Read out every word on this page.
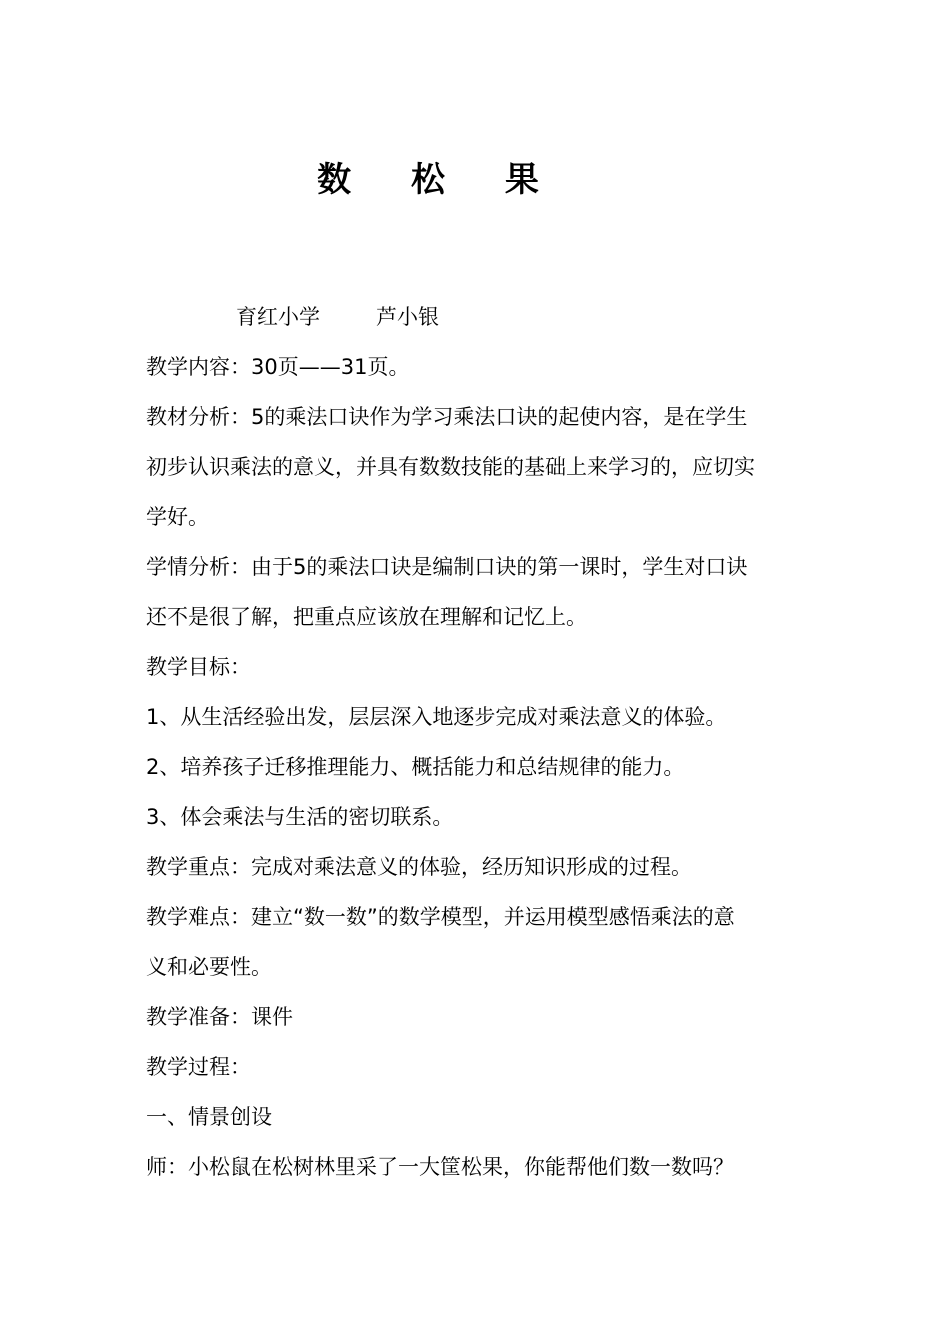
数 松 果
育红小学	芦小银
教学内容：30页——31页。
教材分析：5的乘法口诀作为学习乘法口诀的起使内容，是在学生
初步认识乘法的意义，并具有数数技能的基础上来学习的，应切实
学好。
学情分析：由于5的乘法口诀是编制口诀的第一课时，学生对口诀
还不是很了解，把重点应该放在理解和记忆上。
教学目标：
1、从生活经验出发，层层深入地逐步完成对乘法意义的体验。
2、培养孩子迁移推理能力、概括能力和总结规律的能力。
3、体会乘法与生活的密切联系。
教学重点：完成对乘法意义的体验，经历知识形成的过程。
教学难点：建立“数一数”的数学模型，并运用模型感悟乘法的意
义和必要性。
教学准备：课件
教学过程：
一、情景创设
师：小松鼠在松树林里采了一大筐松果，你能帮他们数一数吗？
